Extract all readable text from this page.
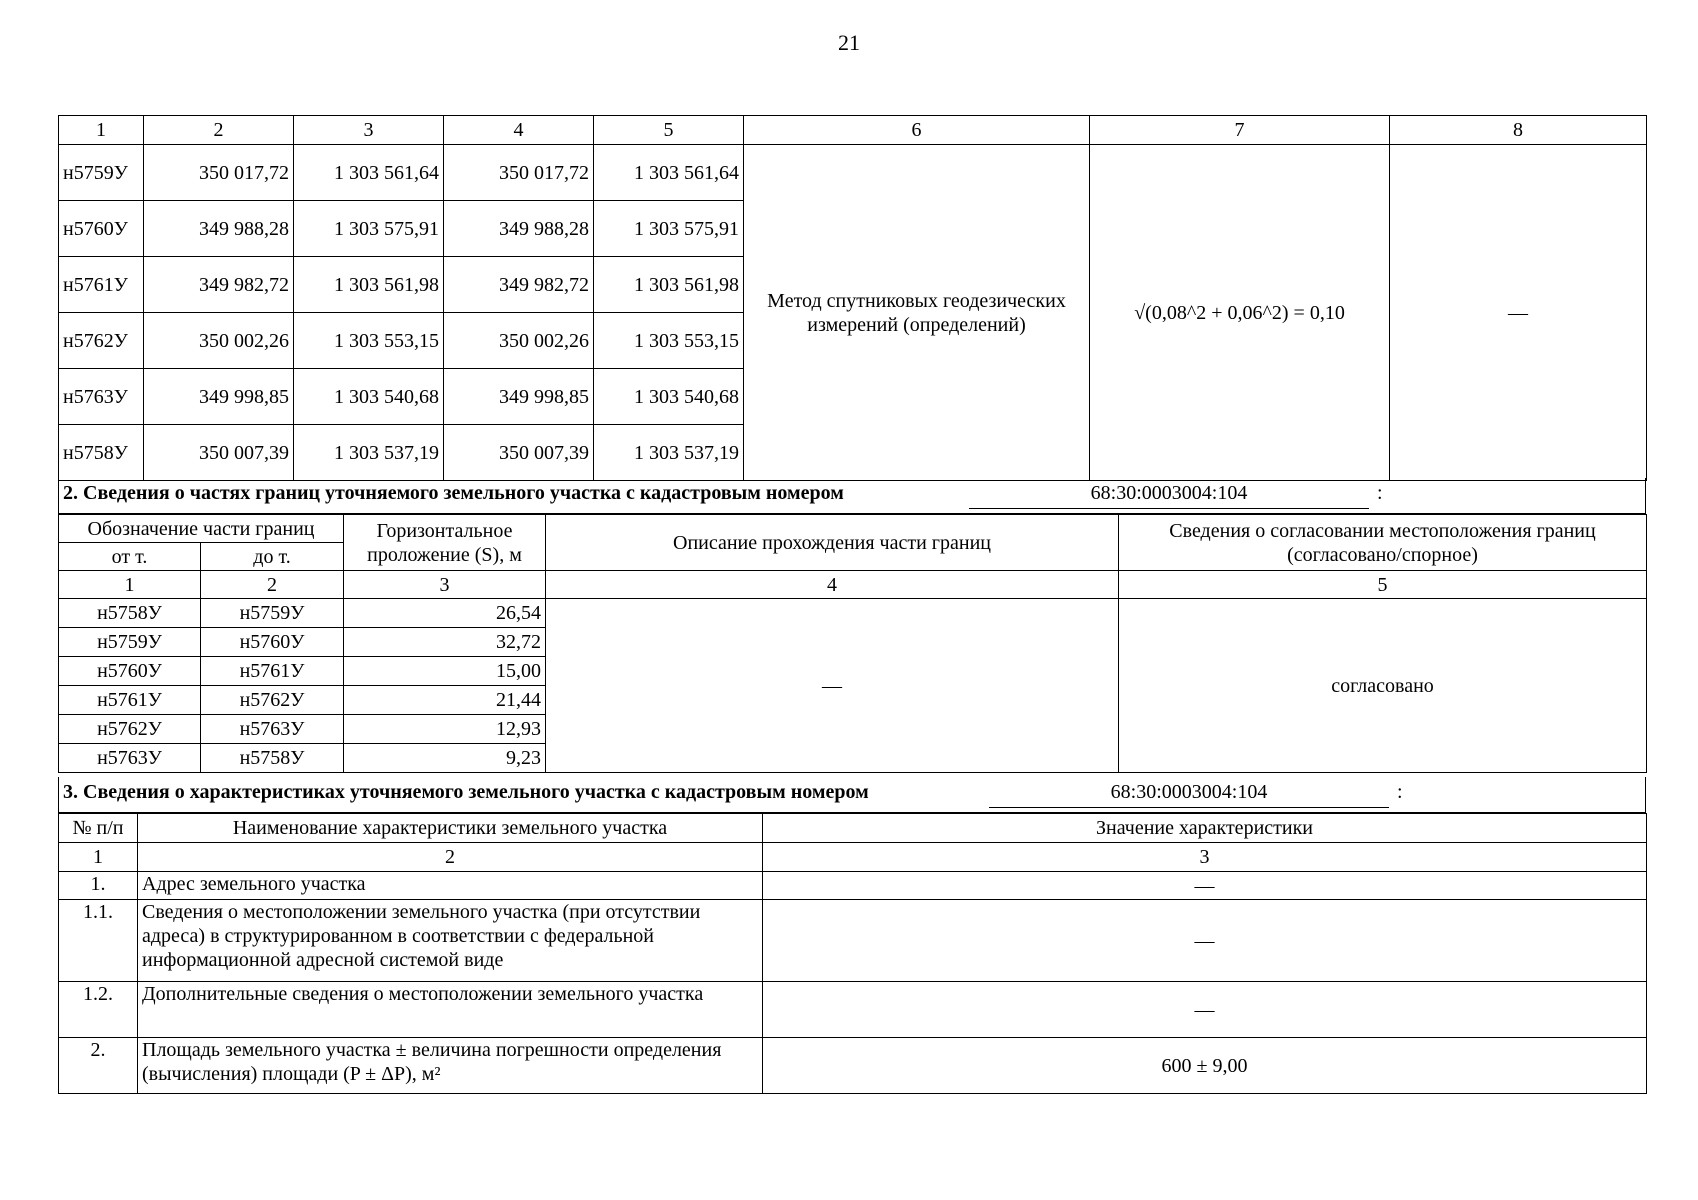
21
1	2	3	4	5	6	7	8
н5759У	350 017,72	1 303 561,64	350 017,72	1 303 561,64	Метод спутниковых геодезических измерений (определений)	√(0,08^2 + 0,06^2) = 0,10	—
н5760У	349 988,28	1 303 575,91	349 988,28	1 303 575,91			
н5761У	349 982,72	1 303 561,98	349 982,72	1 303 561,98			
н5762У	350 002,26	1 303 553,15	350 002,26	1 303 553,15			
н5763У	349 998,85	1 303 540,68	349 998,85	1 303 540,68			
н5758У	350 007,39	1 303 537,19	350 007,39	1 303 537,19			
2. Сведения о частях границ уточняемого земельного участка с кадастровым номером	68:30:0003004:104	:
Обозначение части границ		Горизонтальное проложение (S), м	Описание прохождения части границ	Сведения о согласовании местоположения границ (согласовано/спорное)
от т.	до т.			
1	2	3	4	5
н5758У	н5759У	26,54	—	согласовано
н5759У	н5760У	32,72		
н5760У	н5761У	15,00		
н5761У	н5762У	21,44		
н5762У	н5763У	12,93		
н5763У	н5758У	9,23		
3. Сведения о характеристиках уточняемого земельного участка с кадастровым номером	68:30:0003004:104	:
№ п/п	Наименование характеристики земельного участка	Значение характеристики
1	2	3
1.	Адрес земельного участка	—
1.1.	Сведения о местоположении земельного участка (при отсутствии адреса) в структурированном в соответствии с федеральной информационной адресной системой виде	—
1.2.	Дополнительные сведения о местоположении земельного участка	—
2.	Площадь земельного участка ± величина погрешности определения (вычисления) площади (P ± ΔP), м²	600 ± 9,00
